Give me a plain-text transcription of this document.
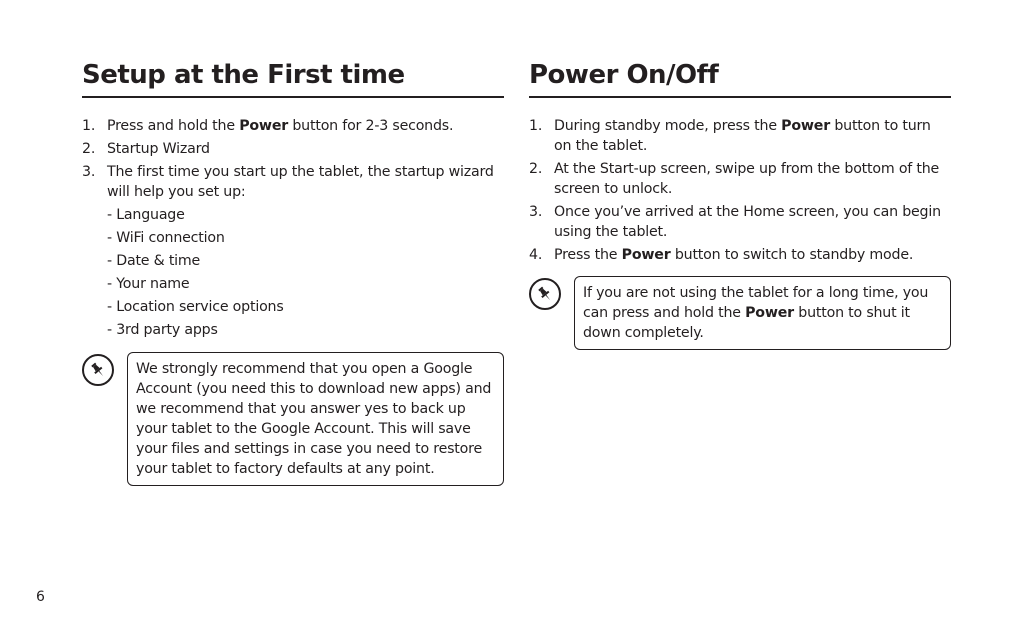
Setup at the First time
1. Press and hold the Power button for 2-3 seconds.
2. Startup Wizard
3. The first time you start up the tablet, the startup wizard will help you set up:
- Language
- WiFi connection
- Date & time
- Your name
- Location service options
- 3rd party apps
We strongly recommend that you open a Google Account (you need this to download new apps) and we recommend that you answer yes to back up your tablet to the Google Account. This will save your files and settings in case you need to restore your tablet to factory defaults at any point.
Power On/Off
1. During standby mode, press the Power button to turn on the tablet.
2. At the Start-up screen, swipe up from the bottom of the screen to unlock.
3. Once you’ve arrived at the Home screen, you can begin using the tablet.
4. Press the Power button to switch to standby mode.
If you are not using the tablet for a long time, you can press and hold the Power button to shut it down completely.
6
